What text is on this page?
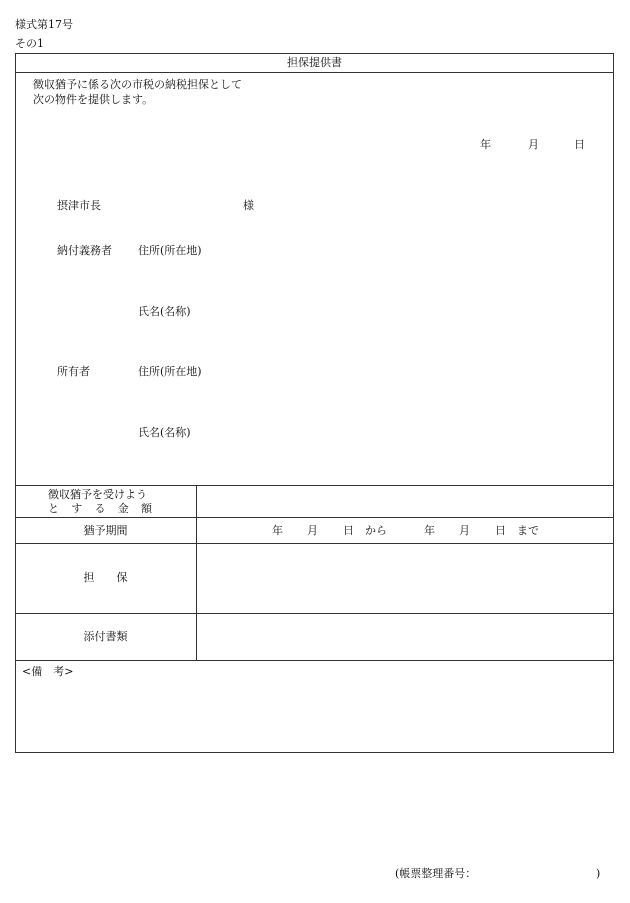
様式第17号
その1
担保提供書
徴収猶予に係る次の市税の納税担保として
次の物件を提供します。
年	月	日
摂津市長	様
納付義務者 住所(所在地)
氏名(名称)
所有者	住所(所在地)
氏名(名称)
徴収猶予を受けよう
と す る 金 額
猶予期間	年 月 日 から	年 月 日 まで
担　　保
添付書類
<備　考>
(帳票整理番号：	)
